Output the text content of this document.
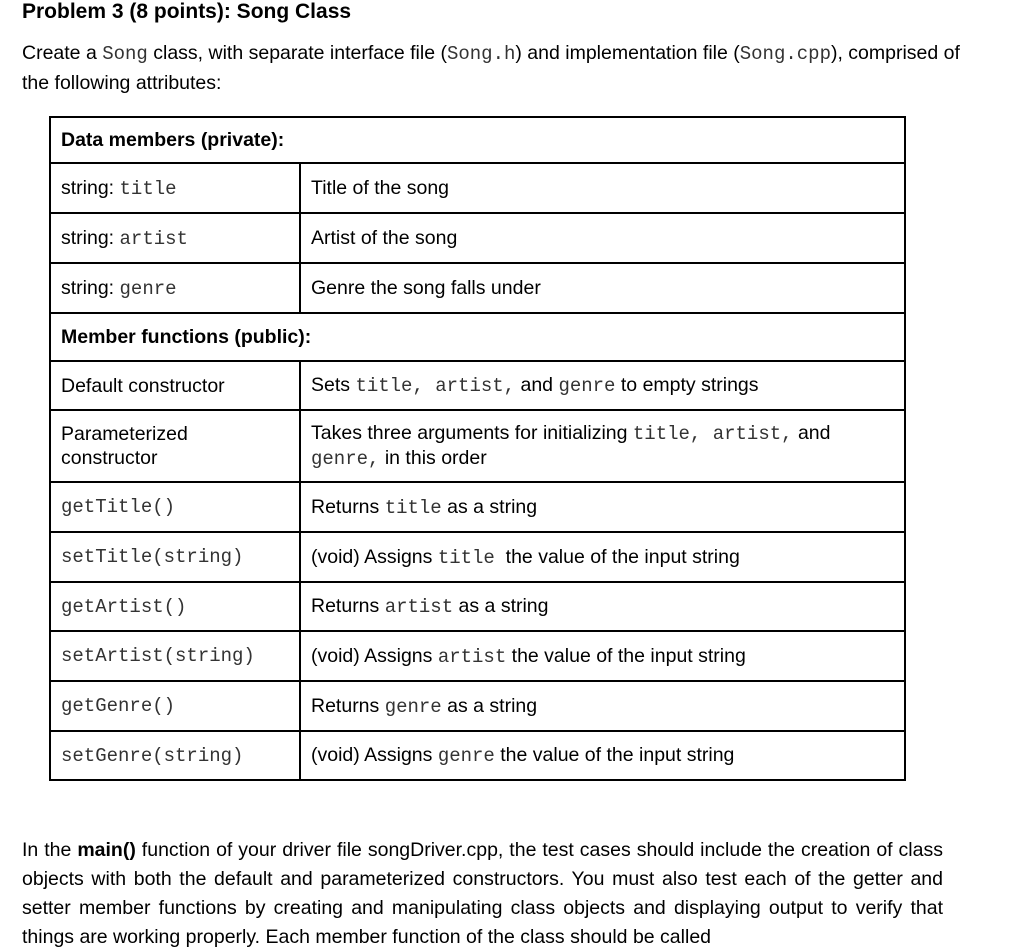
Problem 3 (8 points): Song Class

Create a Song class, with separate interface file (Song.h) and implementation file (Song.cpp), comprised of the following attributes:

Data members (private):	
string: title	Title of the song
string: artist	Artist of the song
string: genre	Genre the song falls under
Member functions (public):	
Default constructor	Sets title, artist, and genre to empty strings
Parameterized
constructor	Takes three arguments for initializing title, artist, and
genre, in this order
getTitle()	Returns title as a string
setTitle(string)	(void) Assigns title  the value of the input string
getArtist()	Returns artist as a string
setArtist(string)	(void) Assigns artist the value of the input string
getGenre()	Returns genre as a string
setGenre(string)	(void) Assigns genre the value of the input string

In the main() function of your driver file songDriver.cpp, the test cases should include the creation of class objects with both the default and parameterized constructors. You must also test each of the getter and setter member functions by creating and manipulating class objects and displaying output to verify that things are working properly. Each member function of the class should be called
